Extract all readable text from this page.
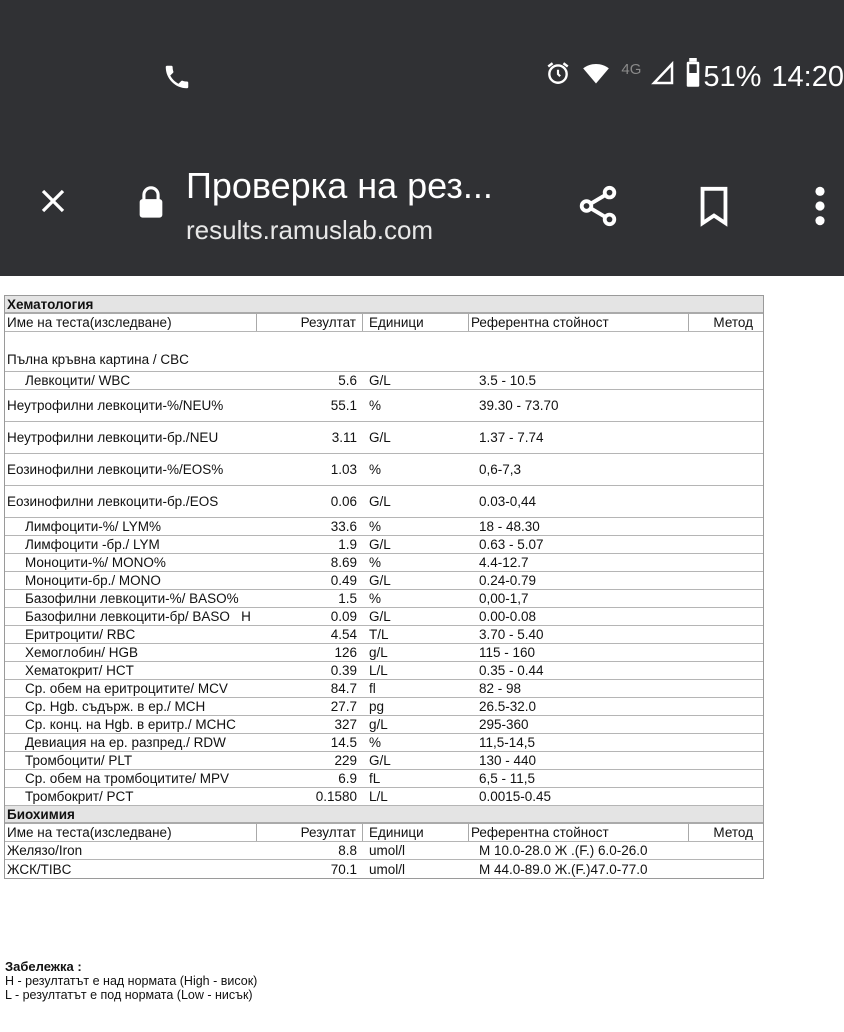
4G 51% 14:20
Проверка на рез...
results.ramuslab.com
Хематология
Име на теста(изследване)	Резултат Единици	Референтна стойност	Метод
Пълна кръвна картина / CBC
Левкоцити/ WBC	5.6 G/L	3.5 - 10.5
Неутрофилни левкоцити-%/NEU%	55.1 %	39.30 - 73.70
Неутрофилни левкоцити-бр./NEU	3.11 G/L	1.37 - 7.74
Еозинофилни левкоцити-%/EOS%	1.03 %	0,6-7,3
Еозинофилни левкоцити-бр./EOS	0.06 G/L	0.03-0,44
Лимфоцити-%/ LYM%	33.6 %	18 - 48.30
Лимфоцити -бр./ LYM	1.9 G/L	0.63 - 5.07
Моноцити-%/ MONO%	8.69 %	4.4-12.7
Моноцити-бр./ MONO	0.49 G/L	0.24-0.79
Базофилни левкоцити-%/ BASO%	1.5 %	0,00-1,7
Базофилни левкоцити-бр/ BASO   H	0.09 G/L	0.00-0.08
Еритроцити/ RBC	4.54 T/L	3.70 - 5.40
Хемоглобин/ HGB	126 g/L	115 - 160
Хематокрит/ HCT	0.39 L/L	0.35 - 0.44
Ср. обем на еритроцитите/ MCV	84.7 fl	82 - 98
Ср. Hgb. съдърж. в ер./ MCH	27.7 pg	26.5-32.0
Ср. конц. на Hgb. в еритр./ MCHC	327 g/L	295-360
Девиация на ер. разпред./ RDW	14.5 %	11,5-14,5
Тромбоцити/ PLT	229 G/L	130 - 440
Ср. обем на тромбоцитите/ MPV	6.9 fL	6,5 - 11,5
Тромбокрит/ PCT	0.1580 L/L	0.0015-0.45
Биохимия
Име на теста(изследване)	Резултат Единици	Референтна стойност	Метод
Желязо/Iron	8.8 umol/l	М 10.0-28.0 Ж .(F.) 6.0-26.0
ЖСК/TIBC	70.1 umol/l	М 44.0-89.0 Ж.(F.)47.0-77.0
Забележка :
H - резултатът е над нормата (High - висок)
L - резултатът е под нормата (Low - нисък)
